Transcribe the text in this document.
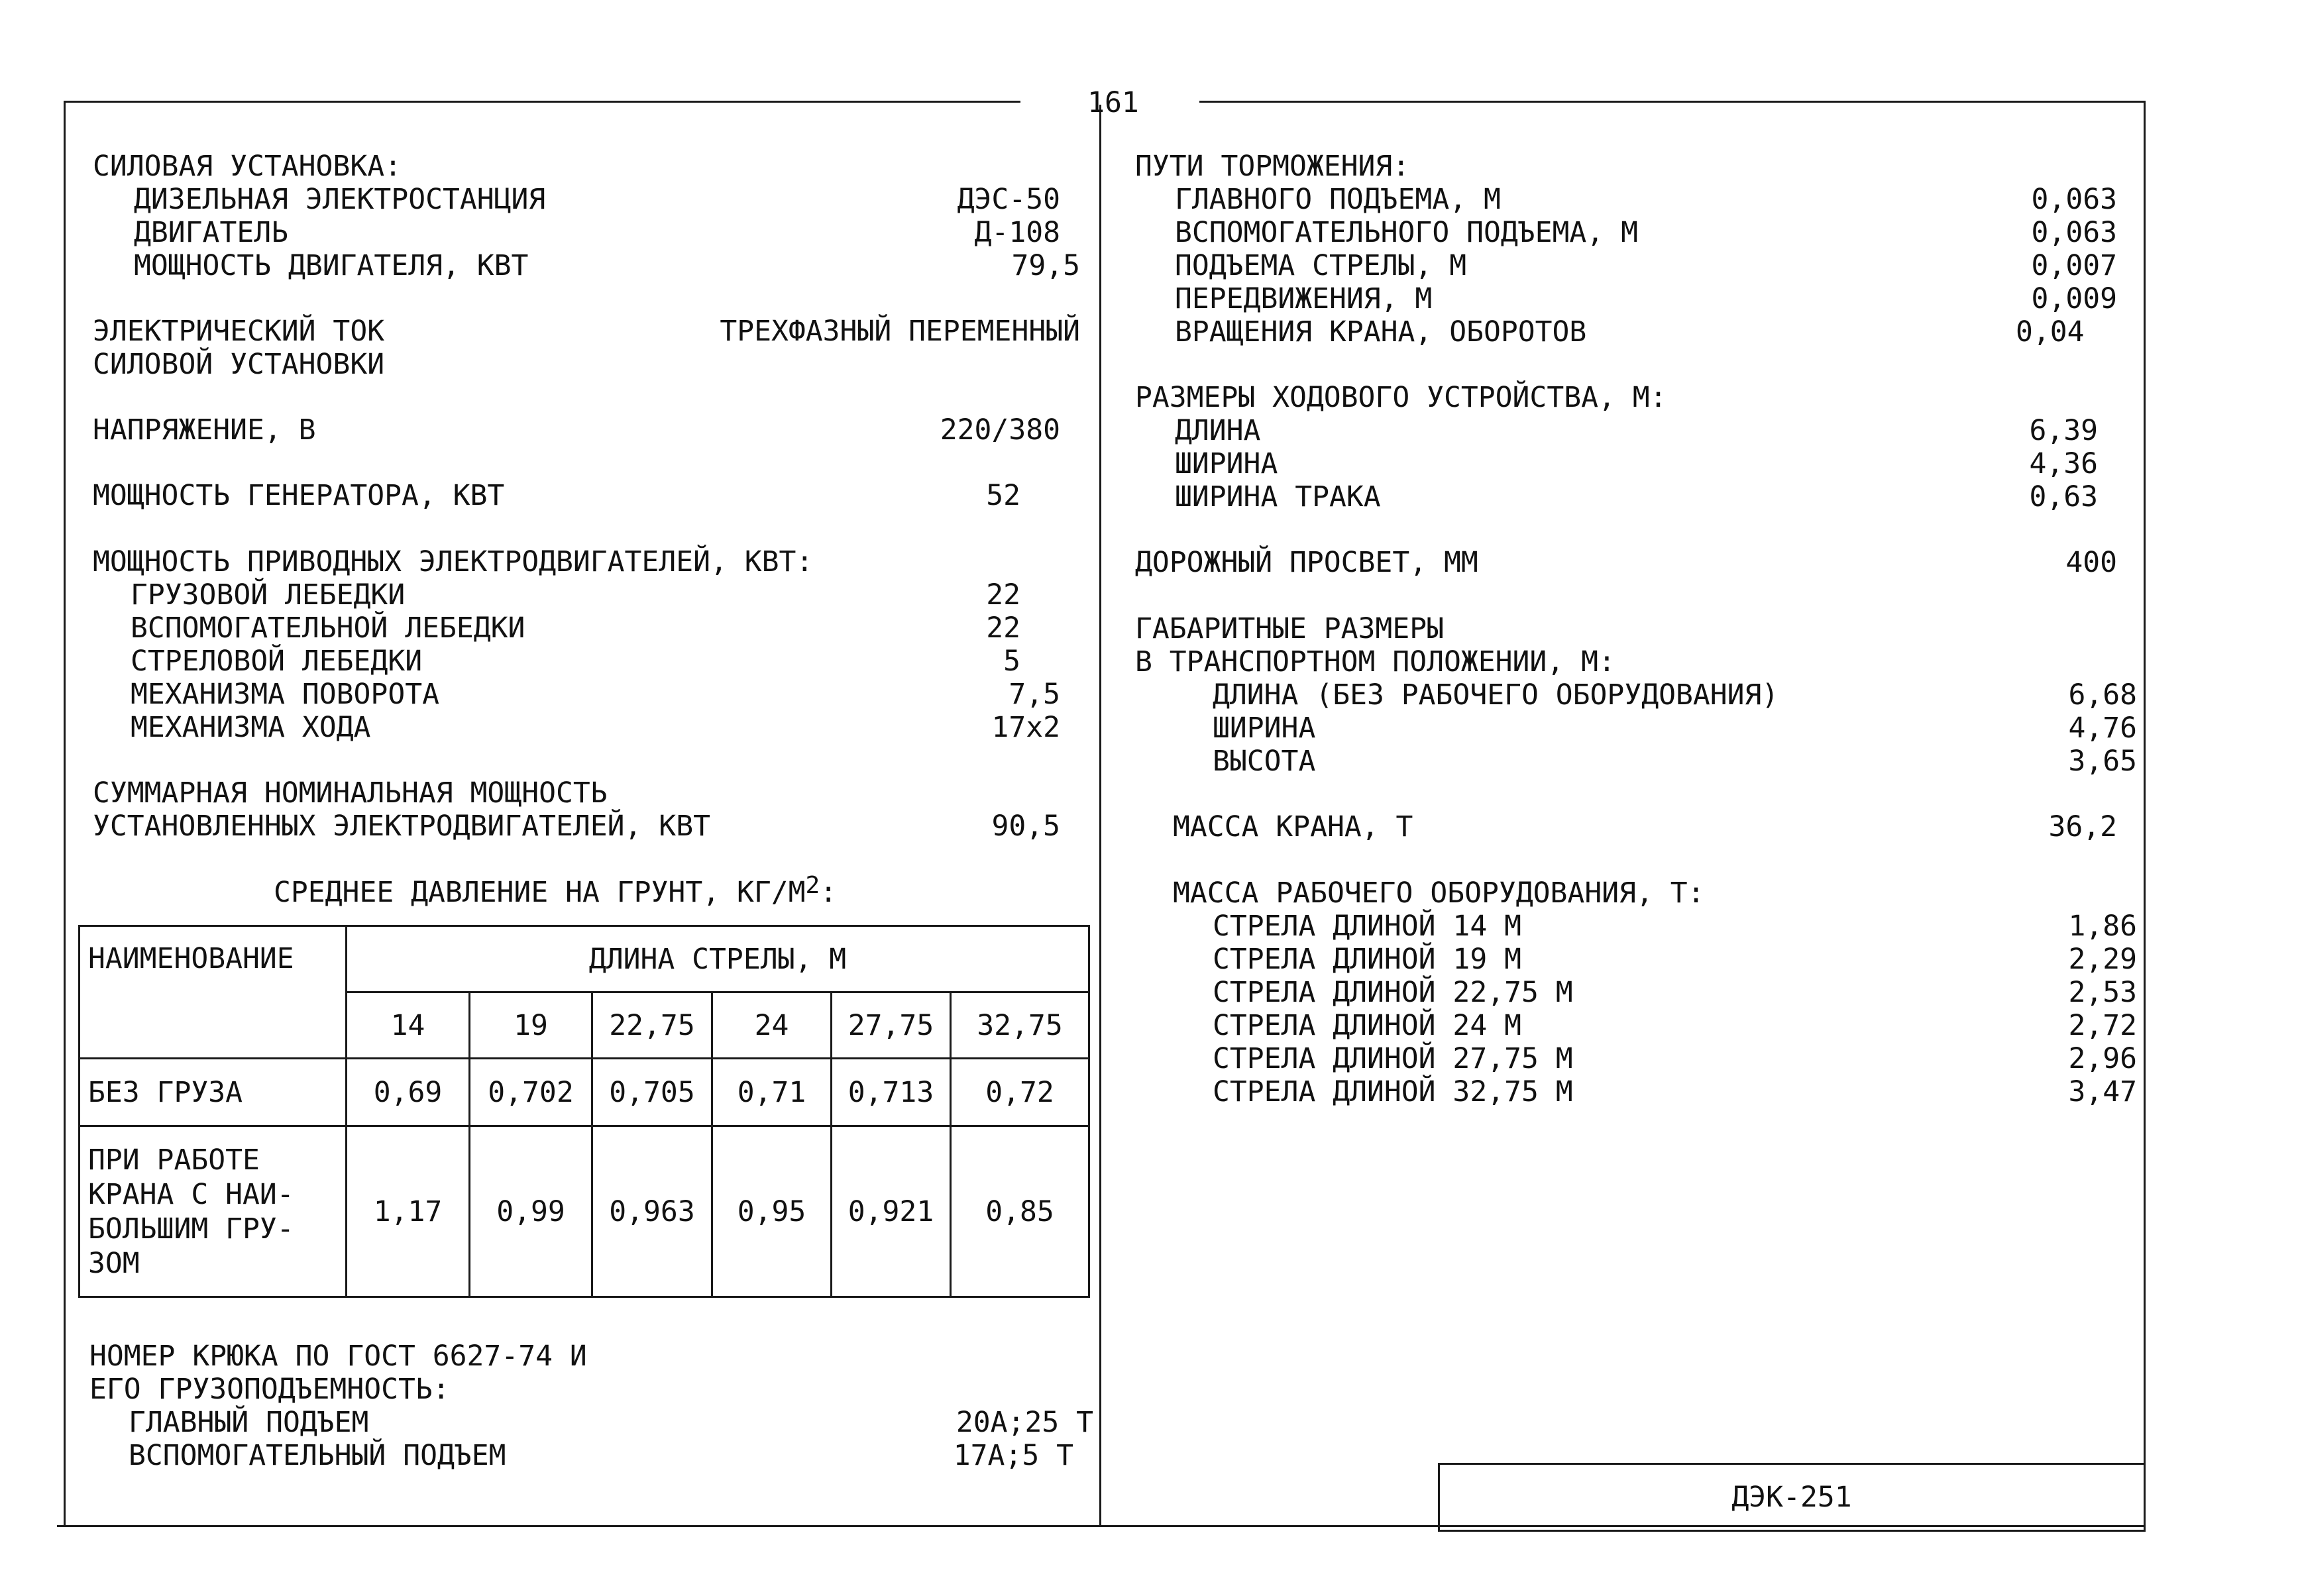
161
СИЛОВАЯ УСТАНОВКА:
ДИЗЕЛЬНАЯ ЭЛЕКТРОСТАНЦИЯ	ДЭС-50
ДВИГАТЕЛЬ	Д-108
МОЩНОСТЬ ДВИГАТЕЛЯ, КВТ	79,5
ЭЛЕКТРИЧЕСКИЙ ТОК	ТРЕХФАЗНЫЙ ПЕРЕМЕННЫЙ
СИЛОВОЙ УСТАНОВКИ
НАПРЯЖЕНИЕ, В	220/380
МОЩНОСТЬ ГЕНЕРАТОРА, КВТ	52
МОЩНОСТЬ ПРИВОДНЫХ ЭЛЕКТРОДВИГАТЕЛЕЙ, КВТ:
ГРУЗОВОЙ ЛЕБЕДКИ	22
ВСПОМОГАТЕЛЬНОЙ ЛЕБЕДКИ	22
СТРЕЛОВОЙ ЛЕБЕДКИ	5
МЕХАНИЗМА ПОВОРОТА	7,5
МЕХАНИЗМА ХОДА	17x2
СУММАРНАЯ НОМИНАЛЬНАЯ МОЩНОСТЬ
УСТАНОВЛЕННЫХ ЭЛЕКТРОДВИГАТЕЛЕЙ, КВТ	90,5
СРЕДНЕЕ ДАВЛЕНИЕ НА ГРУНТ, $КГ/М^2$:
НАИМЕНОВАНИЕ	ДЛИНА СТРЕЛЫ, М					
	14	19	22,75	24	27,75	32,75
БЕЗ ГРУЗА	0,69	0,702	0,705	0,71	0,713	0,72

ПРИ РАБОТЕ
КРАНА С НАИ-
БОЛЬШИМ ГРУ-
ЗОМ	1,17	0,99	0,963	0,95	0,921	0,85
НОМЕР КРЮКА ПО ГОСТ 6627-74 И
ЕГО ГРУЗОПОДЪЕМНОСТЬ:
ГЛАВНЫЙ ПОДЪЕМ	20А;25 Т
ВСПОМОГАТЕЛЬНЫЙ ПОДЪЕМ	17А;5 Т
ПУТИ ТОРМОЖЕНИЯ:
ГЛАВНОГО ПОДЪЕМА, М	0,063
ВСПОМОГАТЕЛЬНОГО ПОДЪЕМА, М	0,063
ПОДЪЕМА СТРЕЛЫ, М	0,007
ПЕРЕДВИЖЕНИЯ, М	0,009
ВРАЩЕНИЯ КРАНА, ОБОРОТОВ	0,04
РАЗМЕРЫ ХОДОВОГО УСТРОЙСТВА, М:
ДЛИНА	6,39
ШИРИНА	4,36
ШИРИНА ТРАКА	0,63
ДОРОЖНЫЙ ПРОСВЕТ, ММ	400
ГАБАРИТНЫЕ РАЗМЕРЫ
В ТРАНСПОРТНОМ ПОЛОЖЕНИИ, М:
ДЛИНА (БЕЗ РАБОЧЕГО ОБОРУДОВАНИЯ)	6,68
ШИРИНА	4,76
ВЫСОТА	3,65
МАССА КРАНА, Т	36,2
МАССА РАБОЧЕГО ОБОРУДОВАНИЯ, Т:
СТРЕЛА ДЛИНОЙ 14 М	1,86
СТРЕЛА ДЛИНОЙ 19 М	2,29
СТРЕЛА ДЛИНОЙ 22,75 М	2,53
СТРЕЛА ДЛИНОЙ 24 М	2,72
СТРЕЛА ДЛИНОЙ 27,75 М	2,96
СТРЕЛА ДЛИНОЙ 32,75 М	3,47
ДЭК-251
